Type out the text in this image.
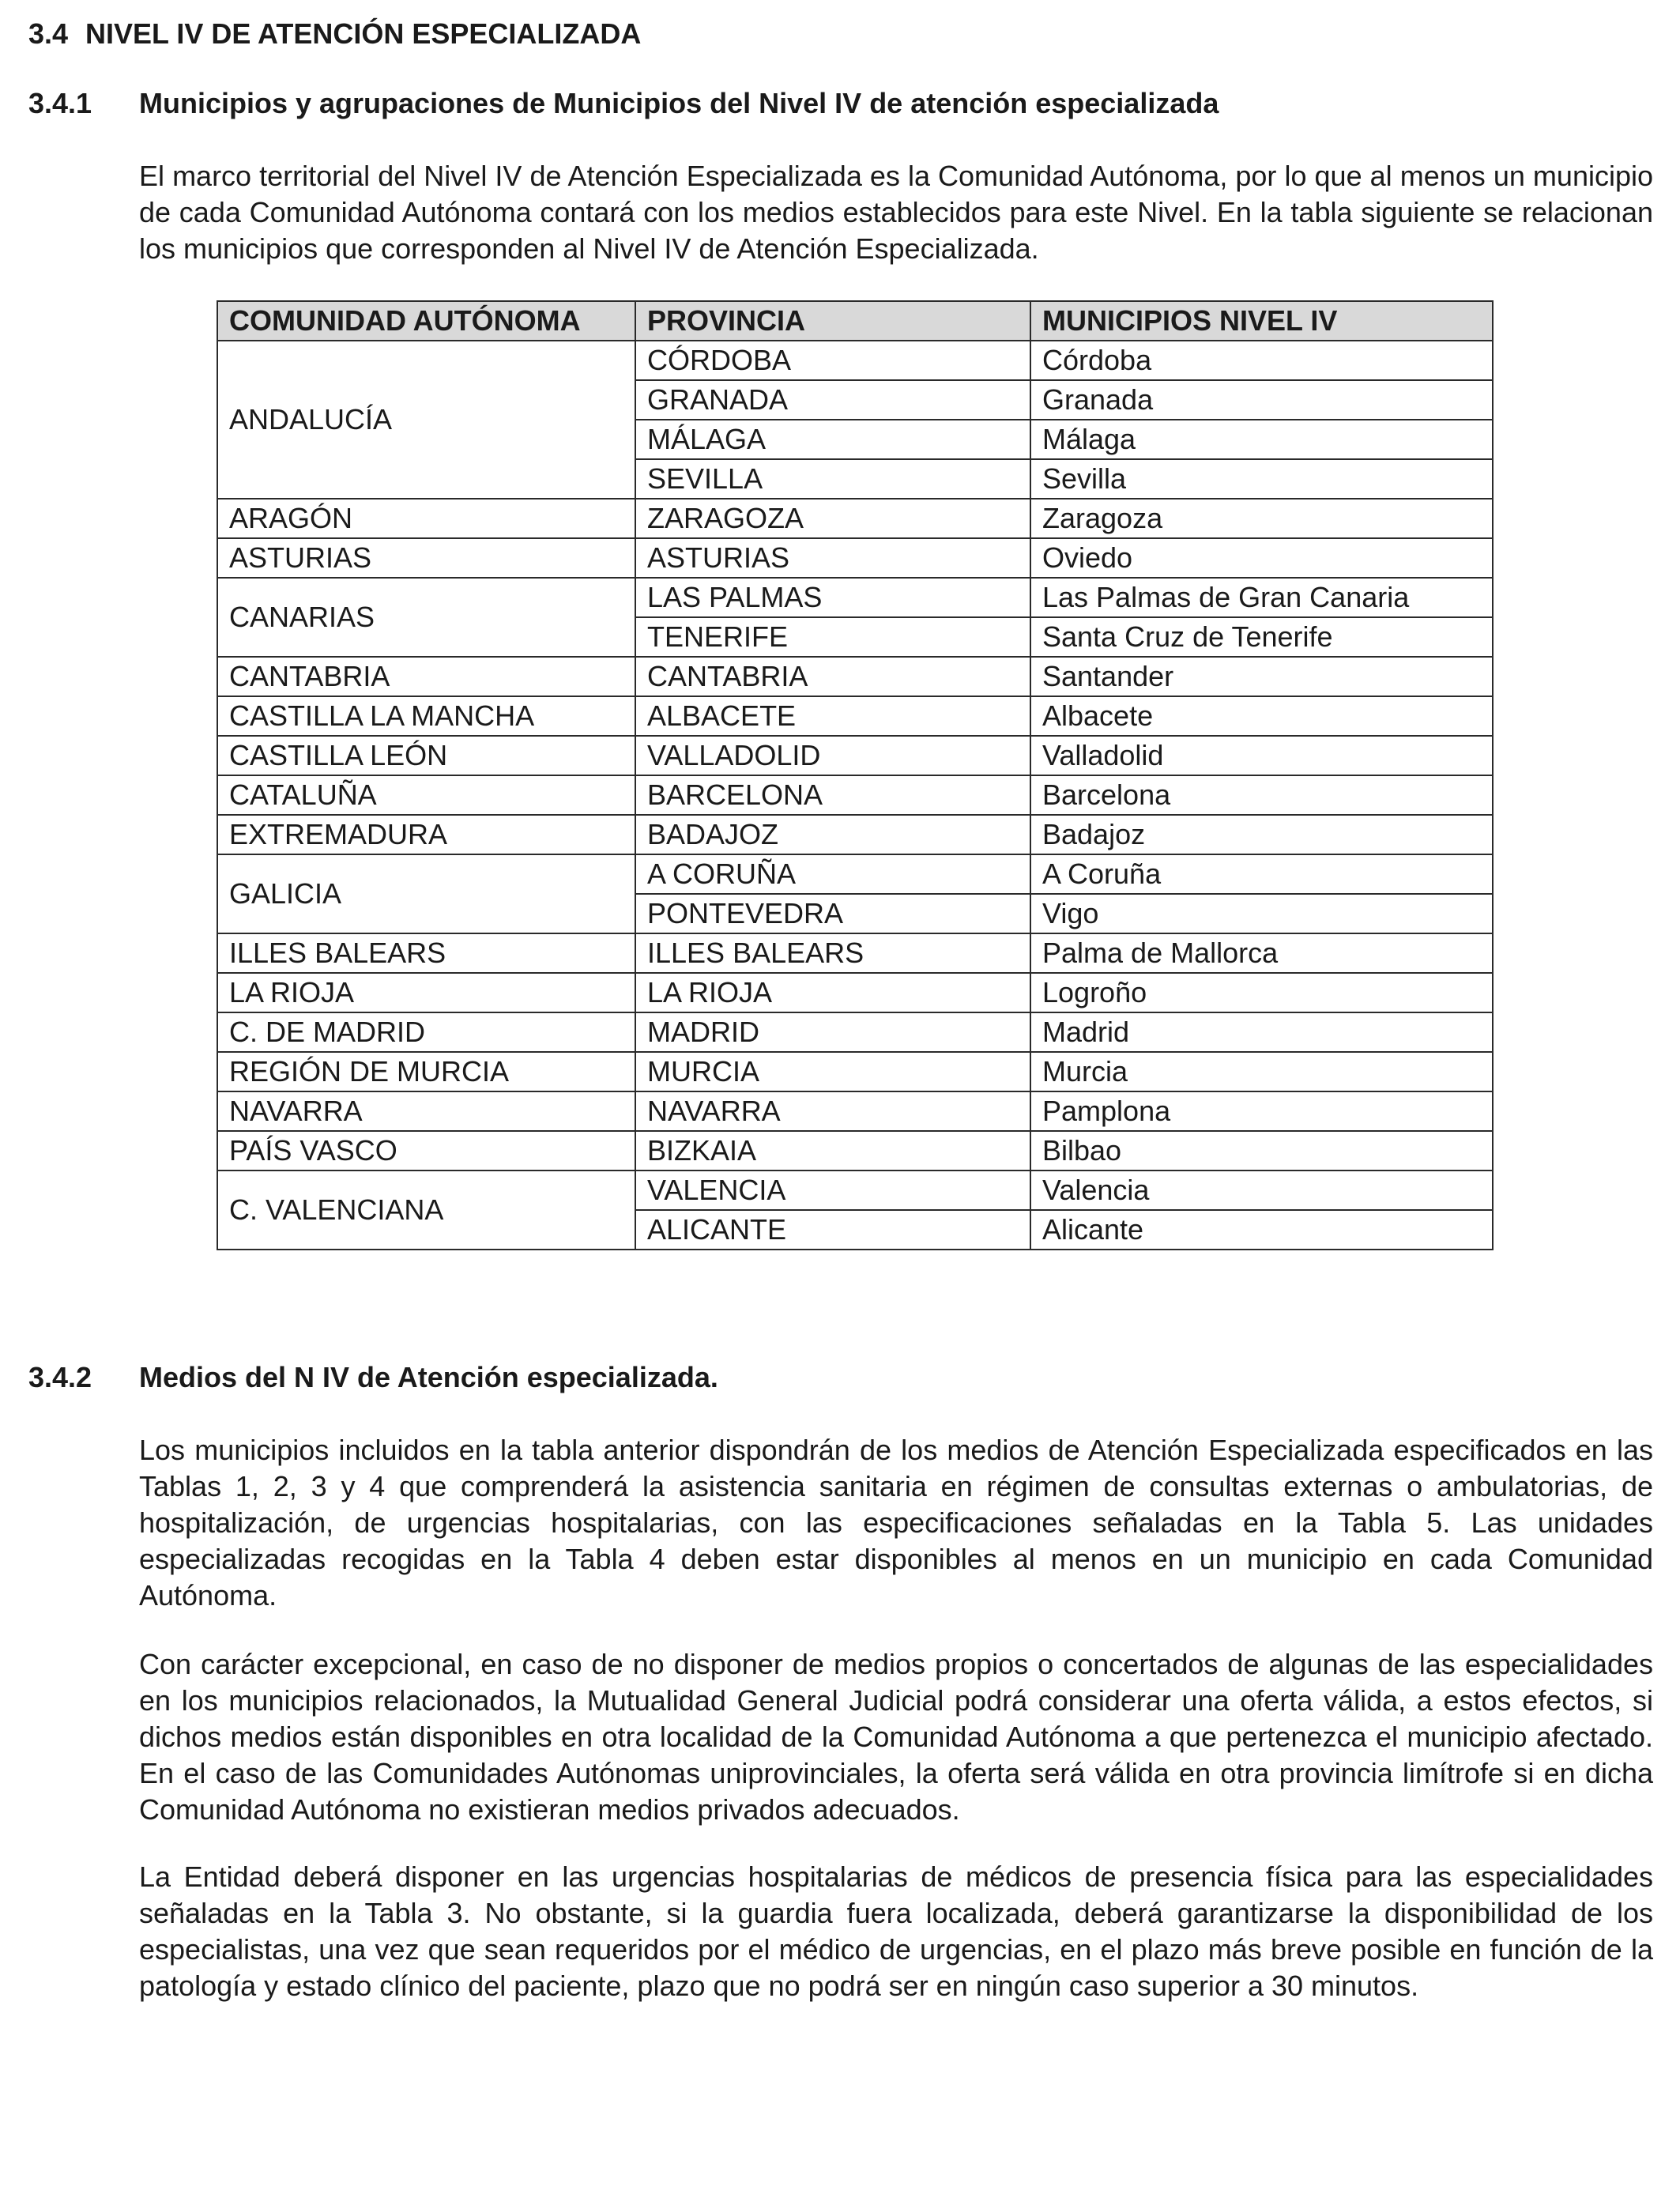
3.4 NIVEL IV DE ATENCIÓN ESPECIALIZADA
3.4.1 Municipios y agrupaciones de Municipios del Nivel IV de atención especializada

El marco territorial del Nivel IV de Atención Especializada es la Comunidad Autónoma, por lo que al menos un municipio de cada Comunidad Autónoma contará con los medios establecidos para este Nivel. En la tabla siguiente se relacionan los municipios que corresponden al Nivel IV de Atención Especializada.

COMUNIDAD AUTÓNOMA	PROVINCIA	MUNICIPIOS NIVEL IV
ANDALUCÍA	CÓRDOBA	Córdoba
	GRANADA	Granada
	MÁLAGA	Málaga
	SEVILLA	Sevilla
ARAGÓN	ZARAGOZA	Zaragoza
ASTURIAS	ASTURIAS	Oviedo
CANARIAS	LAS PALMAS	Las Palmas de Gran Canaria
	TENERIFE	Santa Cruz de Tenerife
CANTABRIA	CANTABRIA	Santander
CASTILLA LA MANCHA	ALBACETE	Albacete
CASTILLA LEÓN	VALLADOLID	Valladolid
CATALUÑA	BARCELONA	Barcelona
EXTREMADURA	BADAJOZ	Badajoz
GALICIA	A CORUÑA	A Coruña
	PONTEVEDRA	Vigo
ILLES BALEARS	ILLES BALEARS	Palma de Mallorca
LA RIOJA	LA RIOJA	Logroño
C. DE MADRID	MADRID	Madrid
REGIÓN DE MURCIA	MURCIA	Murcia
NAVARRA	NAVARRA	Pamplona
PAÍS VASCO	BIZKAIA	Bilbao
C. VALENCIANA	VALENCIA	Valencia
	ALICANTE	Alicante
3.4.2 Medios del N IV de Atención especializada.

Los municipios incluidos en la tabla anterior dispondrán de los medios de Atención Especializada especificados en las Tablas 1, 2, 3 y 4 que comprenderá la asistencia sanitaria en régimen de consultas externas o ambulatorias, de hospitalización, de urgencias hospitalarias, con las especificaciones señaladas en la Tabla 5. Las unidades especializadas recogidas en la Tabla 4 deben estar disponibles al menos en un municipio en cada Comunidad Autónoma.

Con carácter excepcional, en caso de no disponer de medios propios o concertados de algunas de las especialidades en los municipios relacionados, la Mutualidad General Judicial podrá considerar una oferta válida, a estos efectos, si dichos medios están disponibles en otra localidad de la Comunidad Autónoma a que pertenezca el municipio afectado. En el caso de las Comunidades Autónomas uniprovinciales, la oferta será válida en otra provincia limítrofe si en dicha Comunidad Autónoma no existieran medios privados adecuados.

La Entidad deberá disponer en las urgencias hospitalarias de médicos de presencia física para las especialidades señaladas en la Tabla 3. No obstante, si la guardia fuera localizada, deberá garantizarse la disponibilidad de los especialistas, una vez que sean requeridos por el médico de urgencias, en el plazo más breve posible en función de la patología y estado clínico del paciente, plazo que no podrá ser en ningún caso superior a 30 minutos.
